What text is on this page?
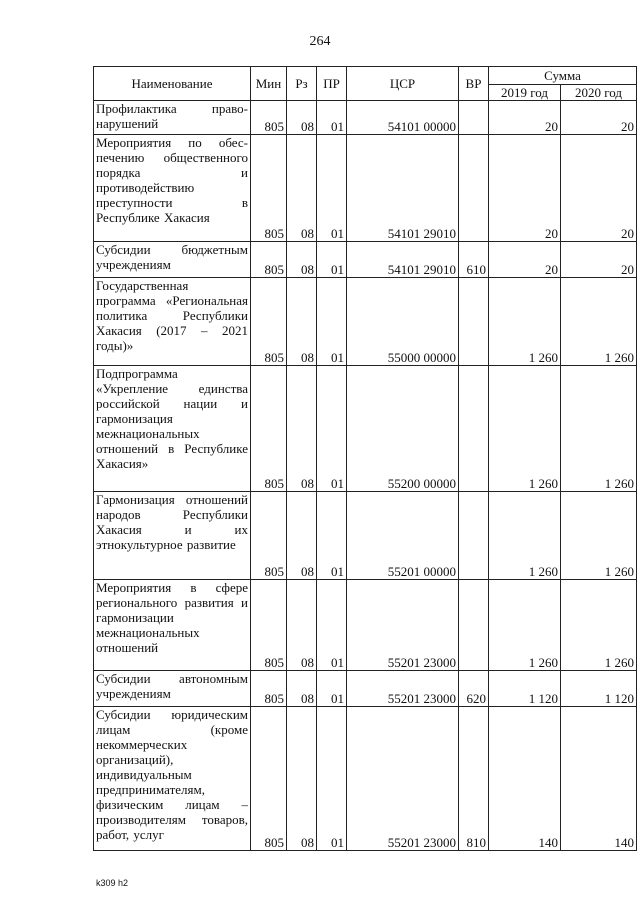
264
Наименование	Мин	Рз	ПР	ЦСР	ВР	Сумма	
						2019 год	2020 год
Профилактика право-нарушений	805	08	01	54101 00000		20	20
Мероприятия по обес-печению общественного порядка и противодействию преступности в Республике Хакасия	805	08	01	54101 29010		20	20
Субсидии бюджетным учреждениям	805	08	01	54101 29010	610	20	20
Государственная программа «Региональная политика Республики Хакасия (2017 – 2021 годы)»	805	08	01	55000 00000		1 260	1 260
Подпрограмма «Укрепление единства российской нации и гармонизация межнациональных отношений в Республике Хакасия»	805	08	01	55200 00000		1 260	1 260
Гармонизация отношений народов Республики Хакасия и их этнокультурное развитие	805	08	01	55201 00000		1 260	1 260
Мероприятия в сфере регионального развития и гармонизации межнациональных отношений	805	08	01	55201 23000		1 260	1 260
Субсидии автономным учреждениям	805	08	01	55201 23000	620	1 120	1 120
Субсидии юридическим лицам (кроме некоммерческих организаций), индивидуальным предпринимателям, физическим лицам – производителям товаров, работ, услуг	805	08	01	55201 23000	810	140	140
k309 h2
